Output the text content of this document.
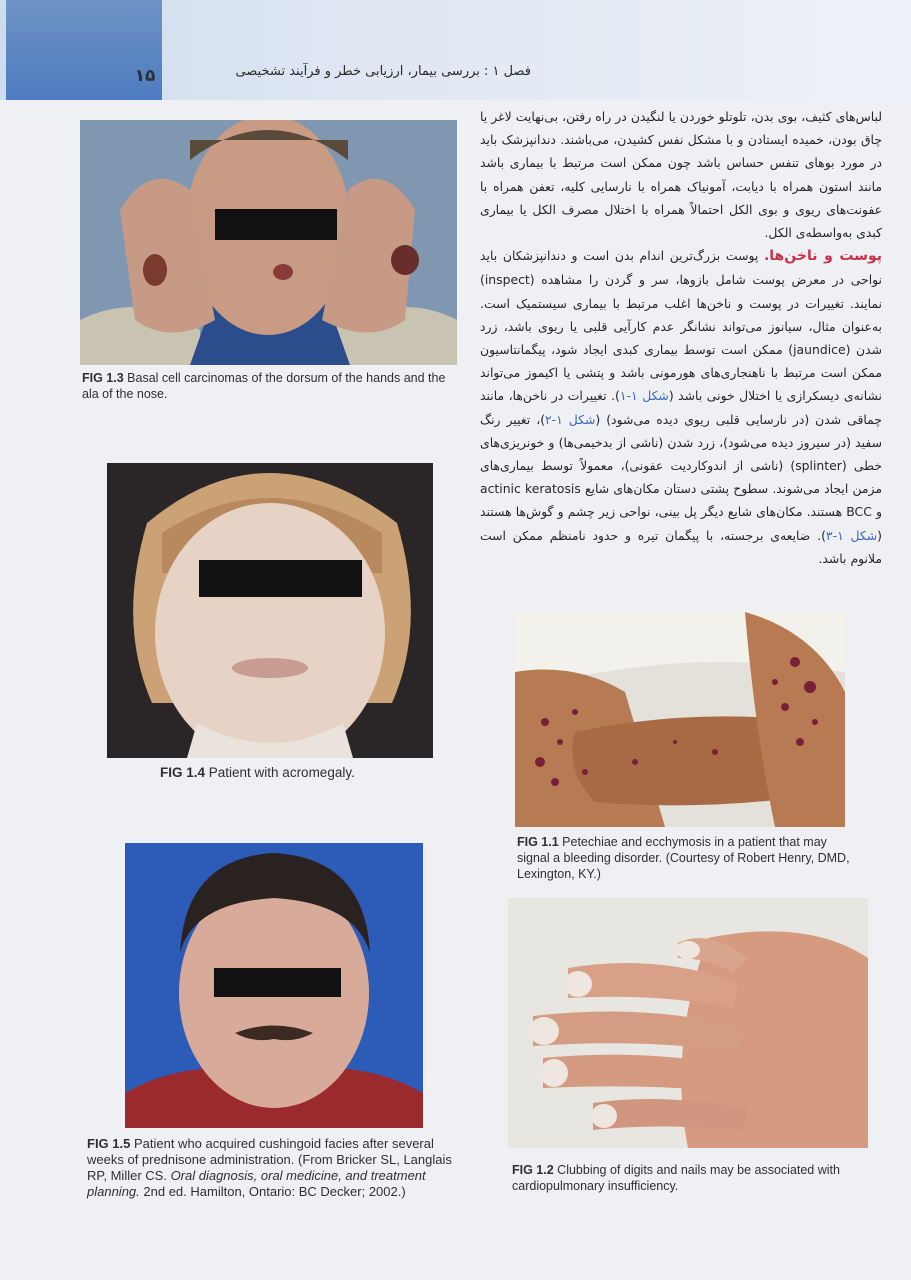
۱۵	فصل ۱ : بررسی بیمار، ارزیابی خطر و فرآیند تشخیصی

لباس‌های کثیف، بوی بدن، تلوتلو خوردن یا لنگیدن در راه رفتن، بی‌نهایت لاغر یا چاق بودن، خمیده ایستادن و با مشکل نفس کشیدن، می‌باشند. دندانپزشک باید در مورد بوهای تنفس حساس باشد چون ممکن است مرتبط با بیماری باشد مانند استون همراه با دیابت، آمونیاک همراه با نارسایی کلیه، تعفن همراه با عفونت‌های ریوی و بوی الکل احتمالاً همراه با اختلال مصرف الکل یا بیماری کبدی به‌واسطه‌ی الکل.

پوست و ناخن‌ها. پوست بزرگ‌ترین اندام بدن است و دندانپزشکان باید نواحی در معرض پوست شامل بازوها، سر و گردن را مشاهده (inspect) نمایند. تغییرات در پوست و ناخن‌ها اغلب مرتبط با بیماری سیستمیک است. به‌عنوان مثال، سیانوز می‌تواند نشانگر عدم کارآیی قلبی یا ریوی باشد، زرد شدن (jaundice) ممکن است توسط بیماری کبدی ایجاد شود، پیگمانتاسیون ممکن است مرتبط با ناهنجاری‌های هورمونی باشد و پتشی یا اکیموز می‌تواند نشانه‌ی دیسکرازی یا اختلال خونی باشد (شکل ۱-۱). تغییرات در ناخن‌ها، مانند چماقی شدن (در نارسایی قلبی ریوی دیده می‌شود) (شکل ۱-۲)، تغییر رنگ سفید (در سیروز دیده می‌شود)، زرد شدن (ناشی از بدخیمی‌ها) و خونریزی‌های خطی (splinter) (ناشی از اندوکاردیت عفونی)، معمولاً توسط بیماری‌های مزمن ایجاد می‌شوند. سطوح پشتی دستان مکان‌های شایع actinic keratosis و BCC هستند. مکان‌های شایع دیگر پل بینی، نواحی زیر چشم و گوش‌ها هستند (شکل ۱-۳). ضایعه‌ی برجسته، با پیگمان تیره و حدود نامنظم ممکن است ملانوم باشد.

FIG 1.3 Basal cell carcinomas of the dorsum of the hands and the ala of the nose.
FIG 1.4 Patient with acromegaly.
FIG 1.5 Patient who acquired cushingoid facies after several weeks of prednisone administration. (From Bricker SL, Langlais RP, Miller CS. Oral diagnosis, oral medicine, and treatment planning. 2nd ed. Hamilton, Ontario: BC Decker; 2002.)
FIG 1.1 Petechiae and ecchymosis in a patient that may signal a bleeding disorder. (Courtesy of Robert Henry, DMD, Lexington, KY.)
FIG 1.2 Clubbing of digits and nails may be associated with cardiopulmonary insufficiency.
